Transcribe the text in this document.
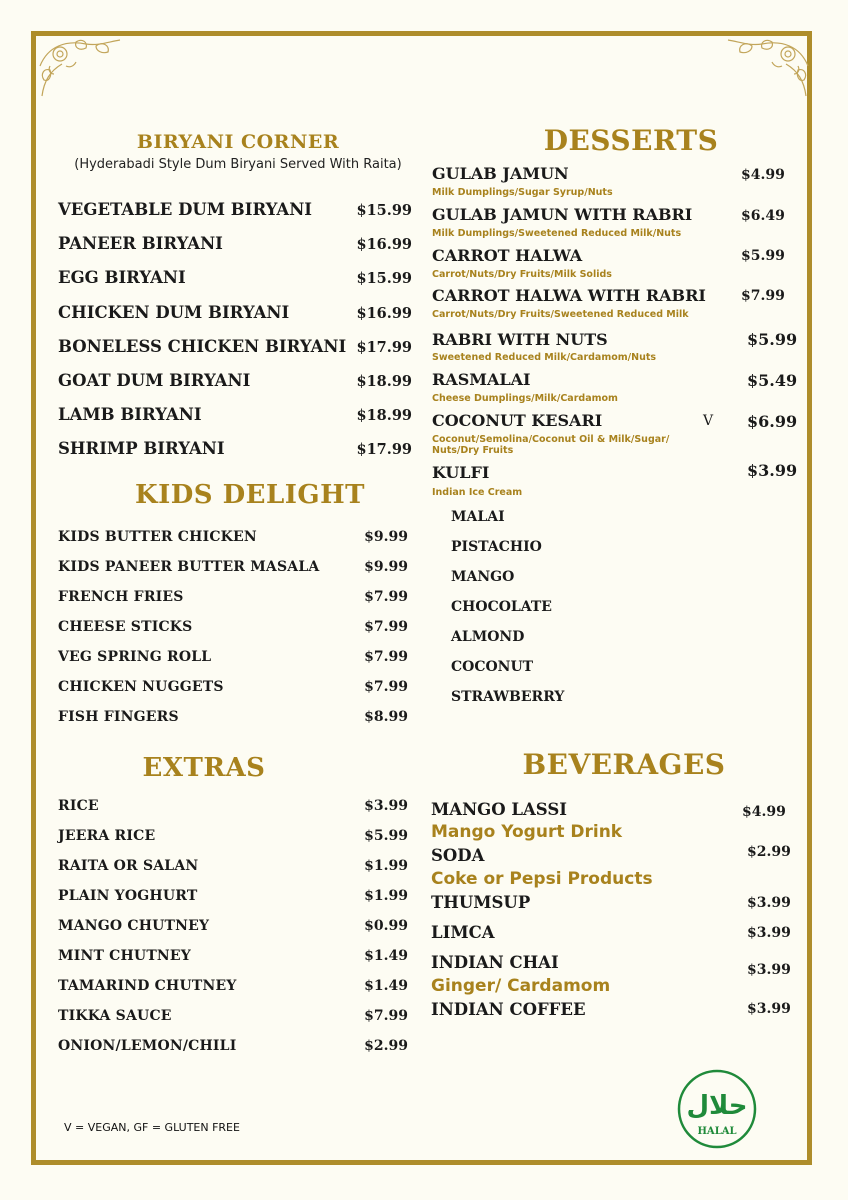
BIRYANI CORNER
(Hyderabadi Style Dum Biryani Served With Raita)
VEGETABLE DUM BIRYANI	$15.99
PANEER BIRYANI	$16.99
EGG BIRYANI	$15.99
CHICKEN DUM BIRYANI	$16.99
BONELESS CHICKEN BIRYANI $17.99
GOAT DUM BIRYANI	$18.99
LAMB BIRYANI	$18.99
SHRIMP BIRYANI	$17.99
KIDS DELIGHT
KIDS BUTTER CHICKEN	$9.99
KIDS PANEER BUTTER MASALA	$9.99
FRENCH FRIES	$7.99
CHEESE STICKS	$7.99
VEG SPRING ROLL	$7.99
CHICKEN NUGGETS	$7.99
FISH FINGERS	$8.99
EXTRAS
RICE	$3.99
JEERA RICE	$5.99
RAITA OR SALAN	$1.99
PLAIN YOGHURT	$1.99
MANGO CHUTNEY	$0.99
MINT CHUTNEY	$1.49
TAMARIND CHUTNEY	$1.49
TIKKA SAUCE	$7.99
ONION/LEMON/CHILI	$2.99
V = VEGAN, GF = GLUTEN FREE
DESSERTS
GULAB JAMUN	$4.99
Milk Dumplings/Sugar Syrup/Nuts
GULAB JAMUN WITH RABRI	$6.49
Milk Dumplings/Sweetened Reduced Milk/Nuts
CARROT HALWA	$5.99
Carrot/Nuts/Dry Fruits/Milk Solids
CARROT HALWA WITH RABRI	$7.99
Carrot/Nuts/Dry Fruits/Sweetened Reduced Milk
RABRI WITH NUTS	$5.99
Sweetened Reduced Milk/Cardamom/Nuts
RASMALAI	$5.49
Cheese Dumplings/Milk/Cardamom
COCONUT KESARI	V $6.99
Coconut/Semolina/Coconut Oil & Milk/Sugar/ Nuts/Dry Fruits
KULFI	$3.99
Indian Ice Cream
MALAI
PISTACHIO
MANGO
CHOCOLATE
ALMOND
COCONUT
STRAWBERRY
BEVERAGES
MANGO LASSI	$4.99
Mango Yogurt Drink
SODA	$2.99
Coke or Pepsi Products
THUMSUP	$3.99
LIMCA	$3.99
INDIAN CHAI	$3.99
Ginger/ Cardamom
INDIAN COFFEE	$3.99
حلال
HALAL
